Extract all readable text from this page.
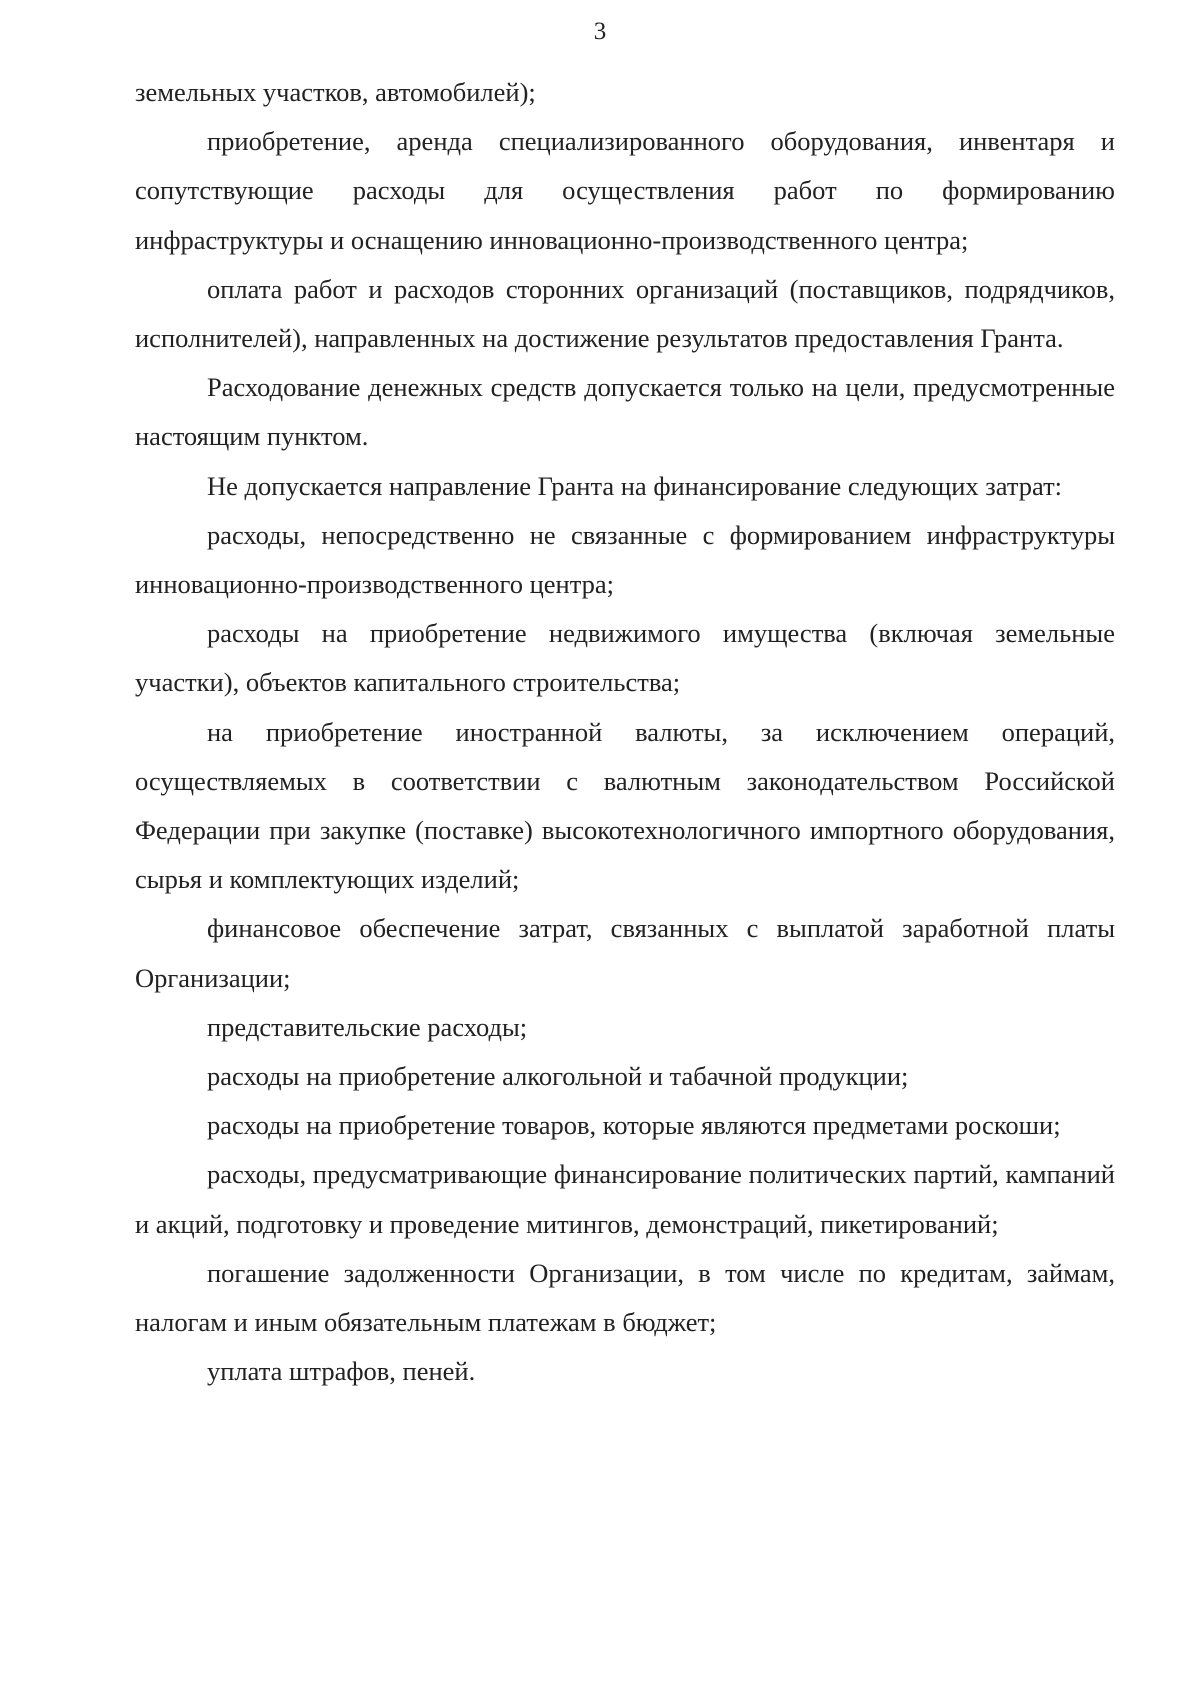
3

земельных участков, автомобилей);

приобретение, аренда специализированного оборудования, инвентаря и сопутствующие расходы для осуществления работ по формированию инфраструктуры и оснащению инновационно-производственного центра;

оплата работ и расходов сторонних организаций (поставщиков, подрядчиков, исполнителей), направленных на достижение результатов предоставления Гранта.

Расходование денежных средств допускается только на цели, предусмотренные настоящим пунктом.

Не допускается направление Гранта на финансирование следующих затрат:

расходы, непосредственно не связанные с формированием инфраструктуры инновационно-производственного центра;

расходы на приобретение недвижимого имущества (включая земельные участки), объектов капитального строительства;

на приобретение иностранной валюты, за исключением операций, осуществляемых в соответствии с валютным законодательством Российской Федерации при закупке (поставке) высокотехнологичного импортного оборудования, сырья и комплектующих изделий;

финансовое обеспечение затрат, связанных с выплатой заработной платы Организации;

представительские расходы;

расходы на приобретение алкогольной и табачной продукции;

расходы на приобретение товаров, которые являются предметами роскоши;

расходы, предусматривающие финансирование политических партий, кампаний и акций, подготовку и проведение митингов, демонстраций, пикетирований;

погашение задолженности Организации, в том числе по кредитам, займам, налогам и иным обязательным платежам в бюджет;

уплата штрафов, пеней.
